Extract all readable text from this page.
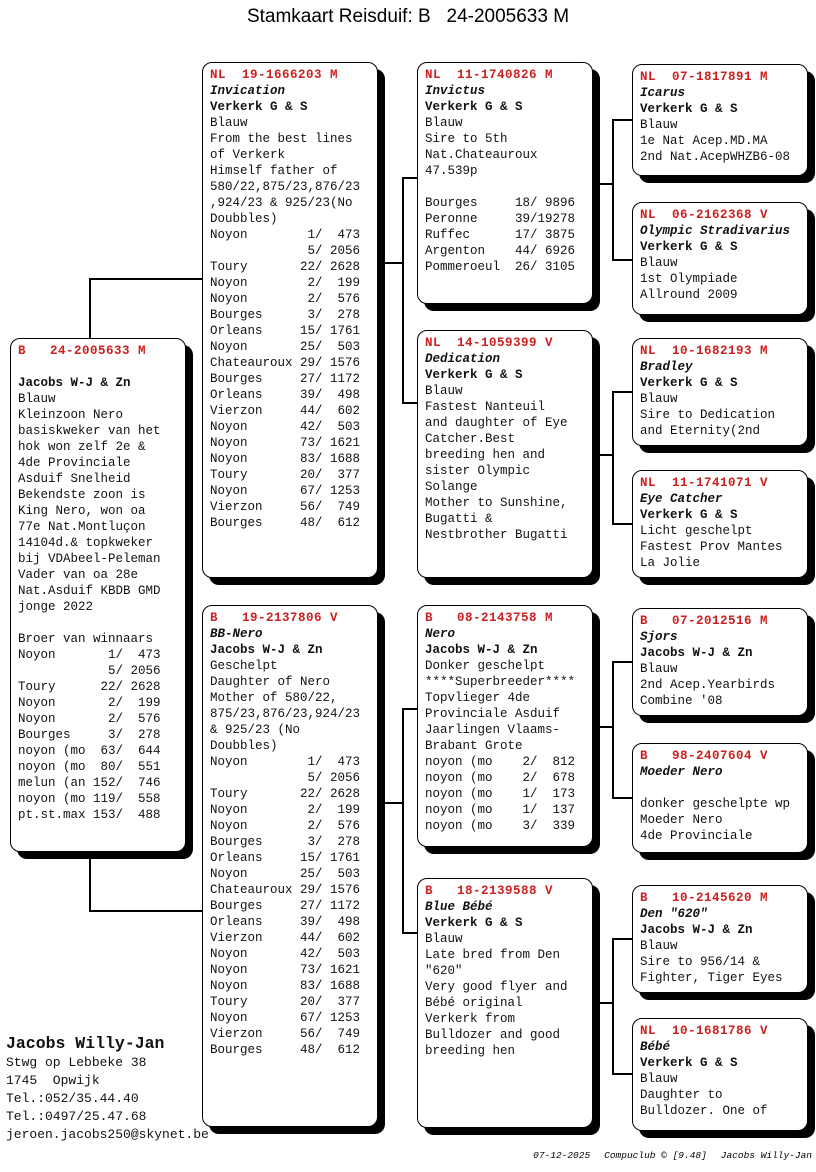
Stamkaart Reisduif: B   24-2005633 M
B   24-2005633 M
Jacobs W-J & Zn
Blauw
Kleinzoon Nero
basiskweker van het
hok won zelf 2e &
4de Provinciale
Asduif Snelheid
Bekendste zoon is
King Nero, won oa
77e Nat.Montluçon
14104d.& topkweker
bij VDAbeel-Peleman
Vader van oa 28e
Nat.Asduif KBDB GMD
jonge 2022
Broer van winnaars
Noyon       1/  473
5/ 2056
Toury      22/ 2628
Noyon       2/  199
Noyon       2/  576
Bourges     3/  278
noyon (mo  63/  644
noyon (mo  80/  551
melun (an 152/  746
noyon (mo 119/  558
pt.st.max 153/  488
NL  19-1666203 M
Invication
Verkerk G & S
Blauw
From the best lines
of Verkerk
Himself father of
580/22,875/23,876/23
,924/23 & 925/23(No
Doubbles)
Noyon        1/  473
5/ 2056
Toury       22/ 2628
Noyon        2/  199
Noyon        2/  576
Bourges      3/  278
Orleans     15/ 1761
Noyon       25/  503
Chateauroux 29/ 1576
Bourges     27/ 1172
Orleans     39/  498
Vierzon     44/  602
Noyon       42/  503
Noyon       73/ 1621
Noyon       83/ 1688
Toury       20/  377
Noyon       67/ 1253
Vierzon     56/  749
Bourges     48/  612
B   19-2137806 V
BB-Nero
Jacobs W-J & Zn
Geschelpt
Daughter of Nero
Mother of 580/22,
875/23,876/23,924/23
& 925/23 (No
Doubbles)
Noyon        1/  473
5/ 2056
Toury       22/ 2628
Noyon        2/  199
Noyon        2/  576
Bourges      3/  278
Orleans     15/ 1761
Noyon       25/  503
Chateauroux 29/ 1576
Bourges     27/ 1172
Orleans     39/  498
Vierzon     44/  602
Noyon       42/  503
Noyon       73/ 1621
Noyon       83/ 1688
Toury       20/  377
Noyon       67/ 1253
Vierzon     56/  749
Bourges     48/  612
NL  11-1740826 M
Invictus
Verkerk G & S
Blauw
Sire to 5th
Nat.Chateauroux
47.539p
Bourges     18/ 9896
Peronne     39/19278
Ruffec      17/ 3875
Argenton    44/ 6926
Pommeroeul  26/ 3105
NL  14-1059399 V
Dedication
Verkerk G & S
Blauw
Fastest Nanteuil
and daughter of Eye
Catcher.Best
breeding hen and
sister Olympic
Solange
Mother to Sunshine,
Bugatti &
Nestbrother Bugatti
B   08-2143758 M
Nero
Jacobs W-J & Zn
Donker geschelpt
****Superbreeder****
Topvlieger 4de
Provinciale Asduif
Jaarlingen Vlaams-
Brabant Grote
noyon (mo    2/  812
noyon (mo    2/  678
noyon (mo    1/  173
noyon (mo    1/  137
noyon (mo    3/  339
B   18-2139588 V
Blue Bébé
Verkerk G & S
Blauw
Late bred from Den
"620"
Very good flyer and
Bébé original
Verkerk from
Bulldozer and good
breeding hen
NL  07-1817891 M
Icarus
Verkerk G & S
Blauw
1e Nat Acep.MD.MA
2nd Nat.AcepWHZB6-08
NL  06-2162368 V
Olympic Stradivarius
Verkerk G & S
Blauw
1st Olympiade
Allround 2009
NL  10-1682193 M
Bradley
Verkerk G & S
Blauw
Sire to Dedication
and Eternity(2nd
NL  11-1741071 V
Eye Catcher
Verkerk G & S
Licht geschelpt
Fastest Prov Mantes
La Jolie
B   07-2012516 M
Sjors
Jacobs W-J & Zn
Blauw
2nd Acep.Yearbirds
Combine '08
B   98-2407604 V
Moeder Nero
donker geschelpte wp
Moeder Nero
4de Provinciale
B   10-2145620 M
Den "620"
Jacobs W-J & Zn
Blauw
Sire to 956/14 &
Fighter, Tiger Eyes
NL  10-1681786 V
Bébé
Verkerk G & S
Blauw
Daughter to
Bulldozer. One of
Jacobs Willy-Jan
Stwg op Lebbeke 38
1745  Opwijk
Tel.:052/35.44.40
Tel.:0497/25.47.68
jeroen.jacobs250@skynet.be

07-12-2025 Compuclub © [9.48] Jacobs Willy-Jan
